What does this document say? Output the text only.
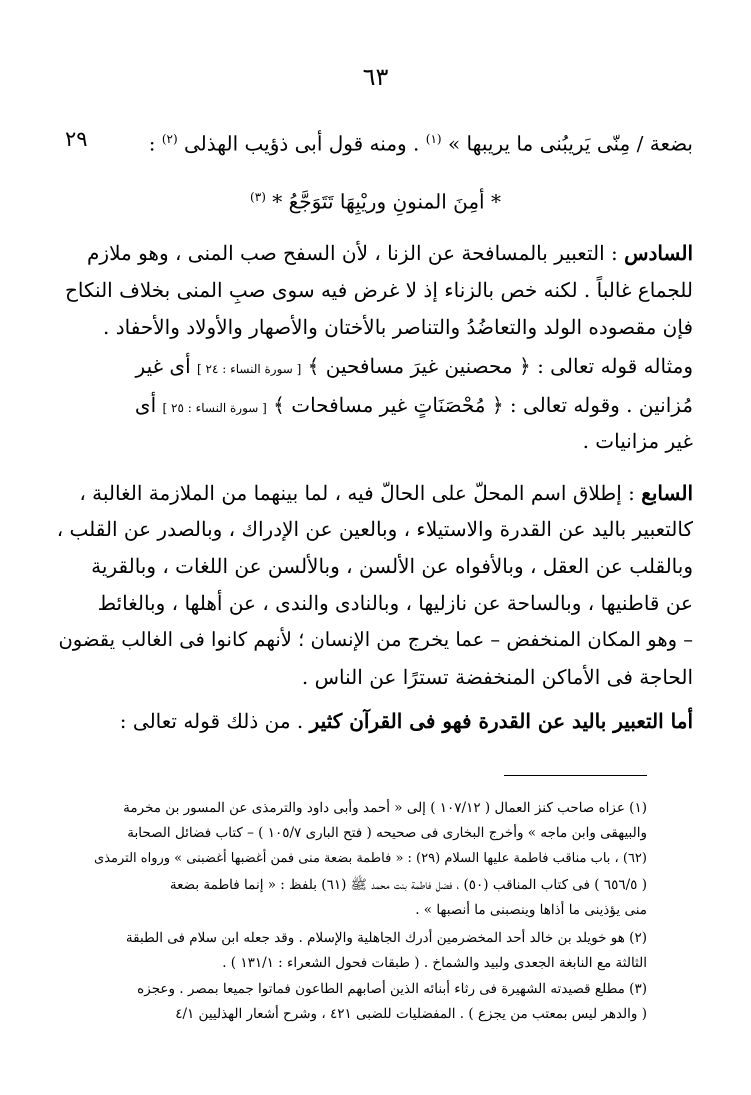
٦٣
٢٩	بضعة / مِنّى يَريبُنى ما يريبها » $^{(١)}$ . ومنه قول أبى ذؤيب الهذلى $^{(٢)}$ :
* أمِنَ المنونِ وريْبِهَا تَتَوَجَّعُ * $^{(٣)}$
السادس : التعبير بالمسافحة عن الزنا ، لأن السفح صب المنى ، وهو ملازم
للجماع غالباً . لكنه خص بالزناء إذ لا غرض فيه سوى صبِ المنى بخلاف النكاح
فإن مقصوده الولد والتعاضُدُ والتناصر بالأختان والأصهار والأولاد والأحفاد .
ومثاله قوله تعالى : ﴿ محصنين غيرَ مسافحين ﴾ [ سورة النساء : ٢٤ ] أى غير
مُزانين . وقوله تعالى : ﴿ مُحْصَنَاتٍ غير مسافحات ﴾ [ سورة النساء : ٢٥ ] أى
غير مزانيات .
السابع : إطلاق اسم المحلّ على الحالّ فيه ، لما بينهما من الملازمة الغالبة ،
كالتعبير باليد عن القدرة والاستيلاء ، وبالعين عن الإدراك ، وبالصدر عن القلب ،
وبالقلب عن العقل ، وبالأفواه عن الألسن ، وبالألسن عن اللغات ، وبالقرية
عن قاطنيها ، وبالساحة عن نازليها ، وبالنادى والندى ، عن أهلها ، وبالغائط
– وهو المكان المنخفض – عما يخرج من الإنسان ؛ لأنهم كانوا فى الغالب يقضون
الحاجة فى الأماكن المنخفضة تسترًا عن الناس .
أما التعبير باليد عن القدرة فهو فى القرآن كثير . من ذلك قوله تعالى :
(١) عزاه صاحب كنز العمال ( ١٠٧/١٢ ) إلى « أحمد وأبى داود والترمذى عن المسور بن مخرمة
والبيهقى وابن ماجه » وأخرج البخارى فى صحيحه ( فتح البارى ١٠٥/٧ ) – كتاب فضائل الصحابة
(٦٢) ، باب مناقب فاطمة عليها السلام (٢٩) : « فاطمة بضعة منى فمن أغضبها أغضبنى » ورواه الترمذى
( ٦٥٦/٥ ) فى كتاب المناقب (٥٠) ، فضل فاطمة بنت محمد ﷺ (٦١) بلفظ : « إنما فاطمة بضعة
منى يؤذينى ما أذاها وينصبنى ما أنصبها » .
(٢) هو خويلد بن خالد أحد المخضرمين أدرك الجاهلية والإسلام . وقد جعله ابن سلام فى الطبقة
الثالثة مع النابغة الجعدى ولبيد والشماخ . ( طبقات فحول الشعراء : ١٣١/١ ) .
(٣) مطلع قصيدته الشهيرة فى رثاء أبنائه الذين أصابهم الطاعون فماتوا جميعا بمصر . وعجزه
( والدهر ليس بمعتب من يجزع ) . المفضليات للضبى ٤٢١ ، وشرح أشعار الهذليين ٤/١
